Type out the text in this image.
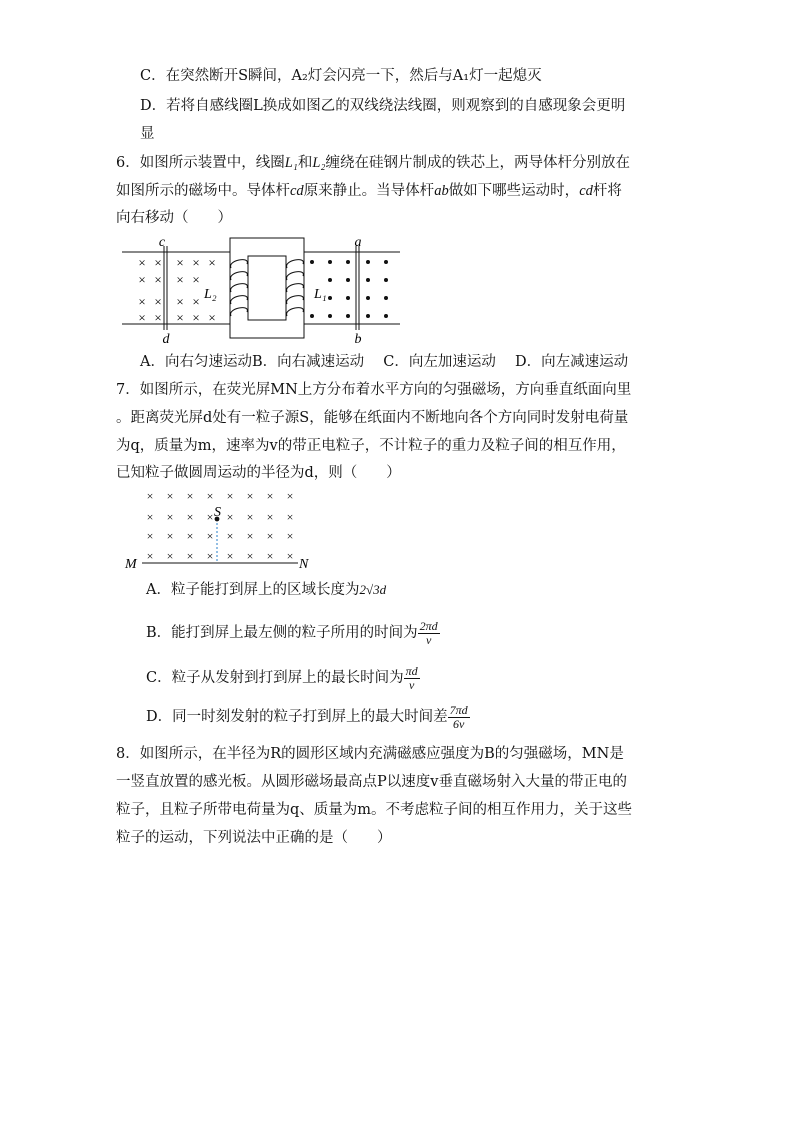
C．在突然断开S瞬间，A₂灯会闪亮一下，然后与A₁灯一起熄灭
D．若将自感线圈L换成如图乙的双线绕法线圈，则观察到的自感现象会更明
显
6．如图所示装置中，线圈L₁和L₂缠绕在硅钢片制成的铁芯上，两导体杆分别放在
如图所示的磁场中。导体杆cd原来静止。当导体杆ab做如下哪些运动时，cd杆将
向右移动（　　）
× × × × ×
× × × ×
× × × ×
× × × × ×
c
d
a
b
L₂	L₁
A．向右匀速运动B．向右减速运动　 C．向左加速运动　 D．向左减速运动
7．如图所示，在荧光屏MN上方分布着水平方向的匀强磁场，方向垂直纸面向里
。距离荧光屏d处有一粒子源S，能够在纸面内不断地向各个方向同时发射电荷量
为q，质量为m，速率为v的带正电粒子，不计粒子的重力及粒子间的相互作用，
已知粒子做圆周运动的半径为d，则（　　）
× × × × × × × ×
× × × × × × × ×
× × × × × × × ×
× × × × × × × ×
S
M	N
A．粒子能打到屏上的区域长度为2√3d
B．能打到屏上最左侧的粒子所用的时间为 $\frac{2\pi d}{v}$
C．粒子从发射到打到屏上的最长时间为 $\frac{\pi d}{v}$
D．同一时刻发射的粒子打到屏上的最大时间差 $\frac{7\pi d}{6v}$
8．如图所示，在半径为R的圆形区域内充满磁感应强度为B的匀强磁场，MN是
一竖直放置的感光板。从圆形磁场最高点P以速度v垂直磁场射入大量的带正电的
粒子，且粒子所带电荷量为q、质量为m。不考虑粒子间的相互作用力，关于这些
粒子的运动，下列说法中正确的是（　　）
